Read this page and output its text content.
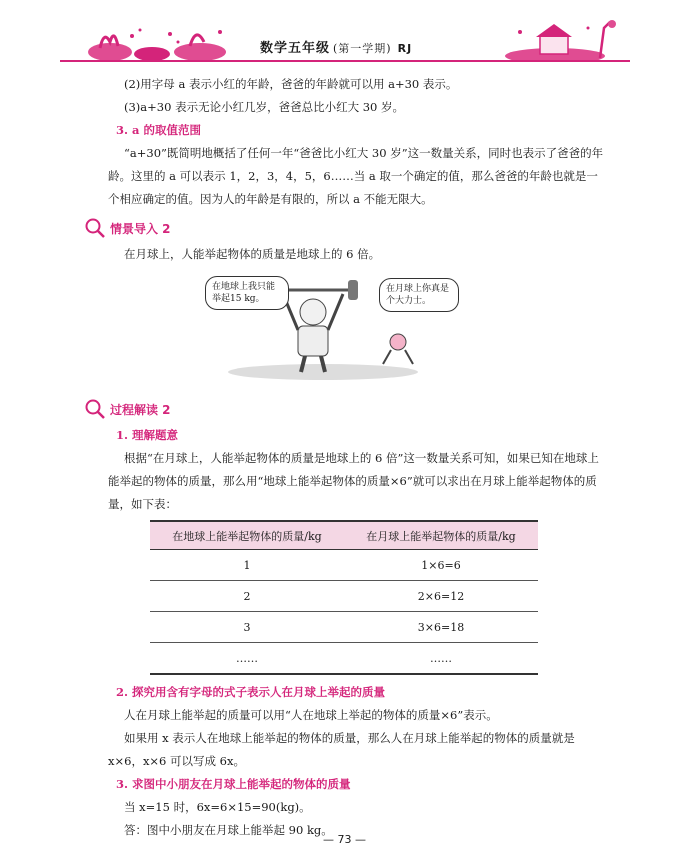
数学五年级 (第一学期) RJ

(2)用字母 a 表示小红的年龄，爸爸的年龄就可以用 a+30 表示。

(3)a+30 表示无论小红几岁，爸爸总比小红大 30 岁。

3. a 的取值范围

“a+30”既简明地概括了任何一年“爸爸比小红大 30 岁”这一数量关系，同时也表示了爸爸的年龄。这里的 a 可以表示 1，2，3，4，5，6……当 a 取一个确定的值，那么爸爸的年龄也就是一个相应确定的值。因为人的年龄是有限的，所以 a 不能无限大。

情景导入 2

在月球上，人能举起物体的质量是地球上的 6 倍。

在地球上我只能举起15 kg。
在月球上你真是个大力士。
过程解读 2

1. 理解题意

根据“在月球上，人能举起物体的质量是地球上的 6 倍”这一数量关系可知，如果已知在地球上能举起的物体的质量，那么用“地球上能举起物体的质量×6”就可以求出在月球上能举起物体的质量，如下表：

在地球上能举起物体的质量/kg	在月球上能举起物体的质量/kg
1	1×6=6
2	2×6=12
3	3×6=18
……	……

2. 探究用含有字母的式子表示人在月球上举起的质量

人在月球上能举起的质量可以用“人在地球上举起的物体的质量×6”表示。

如果用 x 表示人在地球上能举起的物体的质量，那么人在月球上能举起的物体的质量就是 x×6，x×6 可以写成 6x。

3. 求图中小朋友在月球上能举起的物体的质量

当 x=15 时，6x=6×15=90(kg)。

答：图中小朋友在月球上能举起 90 kg。

— 73 —
